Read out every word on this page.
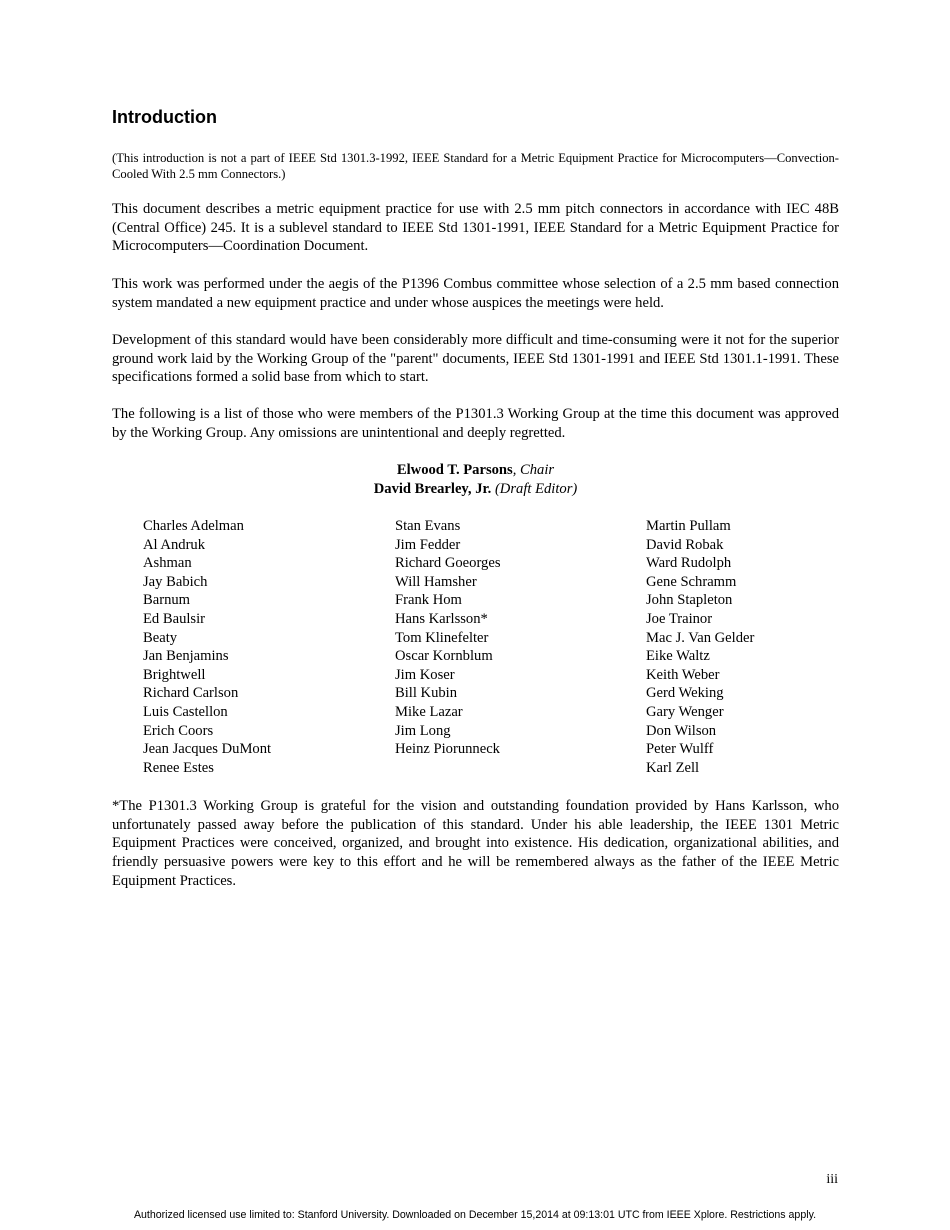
Introduction

(This introduction is not a part of IEEE Std 1301.3-1992, IEEE Standard for a Metric Equipment Practice for Microcomputers—Convection-Cooled With 2.5 mm Connectors.)

This document describes a metric equipment practice for use with 2.5 mm pitch connectors in accordance with IEC 48B (Central Office) 245. It is a sublevel standard to IEEE Std 1301-1991, IEEE Standard for a Metric Equipment Practice for Microcomputers—Coordination Document.

This work was performed under the aegis of the P1396 Combus committee whose selection of a 2.5 mm based connection system mandated a new equipment practice and under whose auspices the meetings were held.

Development of this standard would have been considerably more difficult and time-consuming were it not for the superior ground work laid by the Working Group of the "parent" documents, IEEE Std 1301-1991 and IEEE Std 1301.1-1991. These specifications formed a solid base from which to start.

The following is a list of those who were members of the P1301.3 Working Group at the time this document was approved by the Working Group. Any omissions are unintentional and deeply regretted.

Elwood T. Parsons, Chair
David Brearley, Jr. (Draft Editor)
Charles Adelman
Al Andruk
Ashman
Jay Babich
Barnum
Ed Baulsir
Beaty
Jan Benjamins
Brightwell
Richard Carlson
Luis Castellon
Erich Coors
Jean Jacques DuMont
Renee Estes
Stan Evans
Jim Fedder
Richard Goeorges
Will Hamsher
Frank Hom
Hans Karlsson*
Tom Klinefelter
Oscar Kornblum
Jim Koser
Bill Kubin
Mike Lazar
Jim Long
Heinz Piorunneck
Martin Pullam
David Robak
Ward Rudolph
Gene Schramm
John Stapleton
Joe Trainor
Mac J. Van Gelder
Eike Waltz
Keith Weber
Gerd Weking
Gary Wenger
Don Wilson
Peter Wulff
Karl Zell

*The P1301.3 Working Group is grateful for the vision and outstanding foundation provided by Hans Karlsson, who unfortunately passed away before the publication of this standard. Under his able leadership, the IEEE 1301 Metric Equipment Practices were conceived, organized, and brought into existence. His dedication, organizational abilities, and friendly persuasive powers were key to this effort and he will be remembered always as the father of the IEEE Metric Equipment Practices.

iii
Authorized licensed use limited to: Stanford University. Downloaded on December 15,2014 at 09:13:01 UTC from IEEE Xplore. Restrictions apply.
